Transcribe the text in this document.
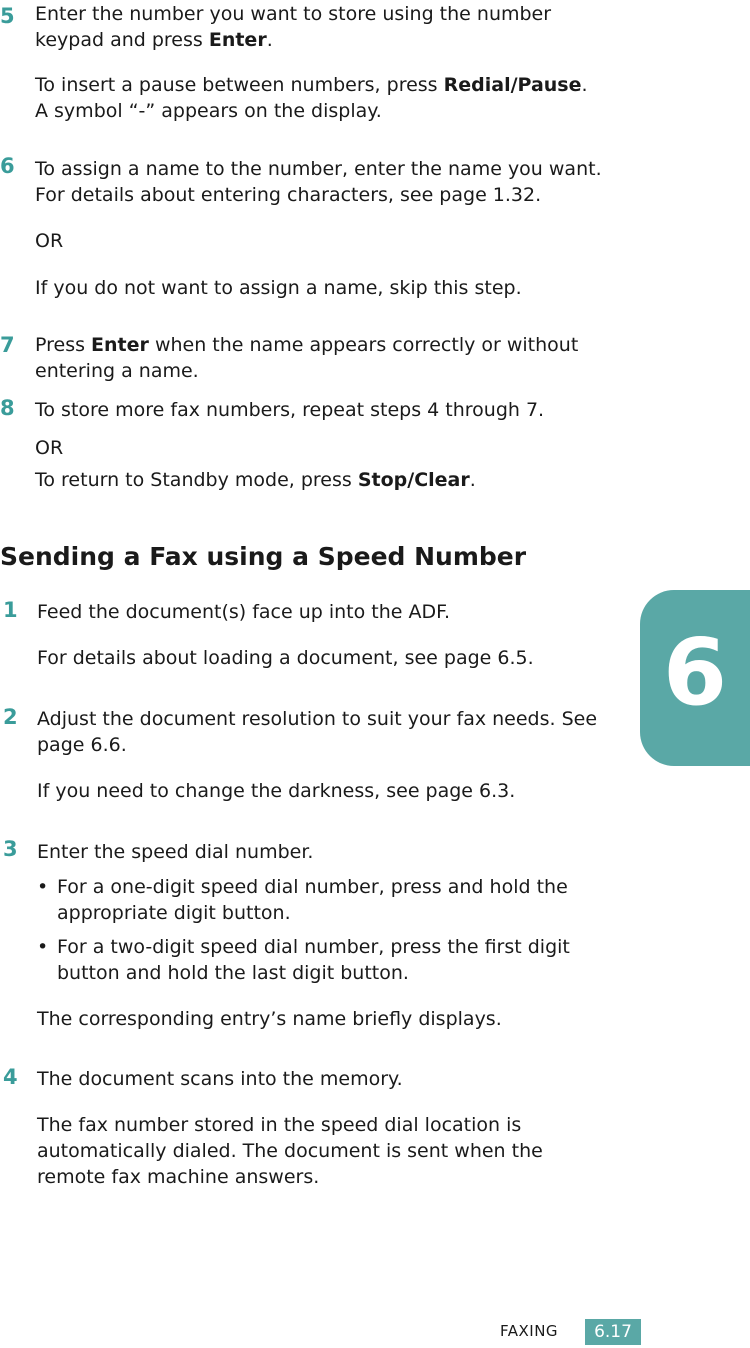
5 Enter the number you want to store using the number
keypad and press Enter.

To insert a pause between numbers, press Redial/Pause.
A symbol “-” appears on the display.

6 To assign a name to the number, enter the name you want.
For details about entering characters, see page 1.32.

OR
If you do not want to assign a name, skip this step.
7 Press Enter when the name appears correctly or without
entering a name.

8 To store more fax numbers, repeat steps 4 through 7.
OR

To return to Standby mode, press Stop/Clear.

Sending a Fax using a Speed Number
1 Feed the document(s) face up into the ADF.
For details about loading a document, see page 6.5.
2 Adjust the document resolution to suit your fax needs. See
page 6.6.

If you need to change the darkness, see page 6.3.
3 Enter the speed dial number.
• For a one-digit speed dial number, press and hold the
appropriate digit button.
• For a two-digit speed dial number, press the first digit
button and hold the last digit button.
The corresponding entry’s name briefly displays.
4 The document scans into the memory.

The fax number stored in the speed dial location is
automatically dialed. The document is sent when the
remote fax machine answers.

6
FAXING	6.17
